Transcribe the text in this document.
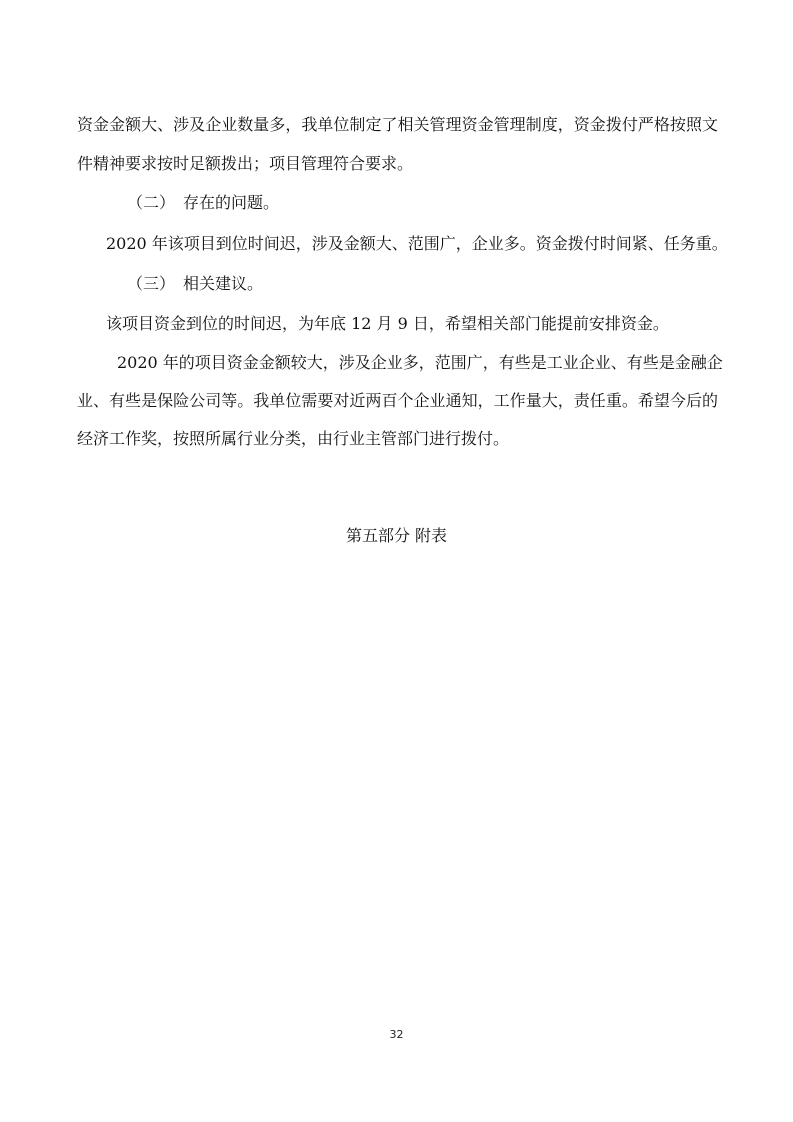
资金金额大、涉及企业数量多，我单位制定了相关管理资金管理制度，资金拨付严格按照文
件精神要求按时足额拨出；项目管理符合要求。
（二） 存在的问题。
2020 年该项目到位时间迟，涉及金额大、范围广，企业多。资金拨付时间紧、任务重。
（三） 相关建议。
该项目资金到位的时间迟，为年底 12 月 9 日，希望相关部门能提前安排资金。
2020 年的项目资金金额较大，涉及企业多，范围广，有些是工业企业、有些是金融企
业、有些是保险公司等。我单位需要对近两百个企业通知，工作量大，责任重。希望今后的
经济工作奖，按照所属行业分类，由行业主管部门进行拨付。
第五部分 附表
32
